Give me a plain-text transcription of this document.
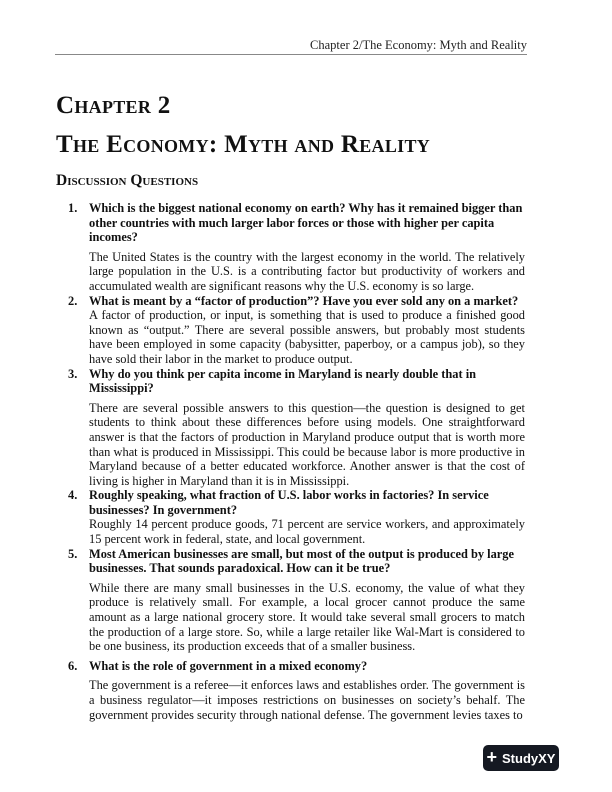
Chapter 2/The Economy: Myth and Reality
Chapter 2
The Economy: Myth and Reality
Discussion Questions
1. Which is the biggest national economy on earth? Why has it remained bigger than other countries with much larger labor forces or those with higher per capita incomes?
The United States is the country with the largest economy in the world. The relatively large population in the U.S. is a contributing factor but productivity of workers and accumulated wealth are significant reasons why the U.S. economy is so large.
2. What is meant by a “factor of production”? Have you ever sold any on a market?
A factor of production, or input, is something that is used to produce a finished good known as “output.” There are several possible answers, but probably most students have been employed in some capacity (babysitter, paperboy, or a campus job), so they have sold their labor in the market to produce output.
3. Why do you think per capita income in Maryland is nearly double that in Mississippi?
There are several possible answers to this question—the question is designed to get students to think about these differences before using models. One straightforward answer is that the factors of production in Maryland produce output that is worth more than what is produced in Mississippi. This could be because labor is more productive in Maryland because of a better educated workforce. Another answer is that the cost of living is higher in Maryland than it is in Mississippi.
4. Roughly speaking, what fraction of U.S. labor works in factories? In service businesses? In government?
Roughly 14 percent produce goods, 71 percent are service workers, and approximately 15 percent work in federal, state, and local government.
5. Most American businesses are small, but most of the output is produced by large businesses. That sounds paradoxical. How can it be true?
While there are many small businesses in the U.S. economy, the value of what they produce is relatively small. For example, a local grocer cannot produce the same amount as a large national grocery store. It would take several small grocers to match the production of a large store. So, while a large retailer like Wal-Mart is considered to be one business, its production exceeds that of a smaller business.
6. What is the role of government in a mixed economy?
The government is a referee—it enforces laws and establishes order. The government is a business regulator—it imposes restrictions on businesses on society’s behalf. The government provides security through national defense. The government levies taxes to
+ StudyXY
